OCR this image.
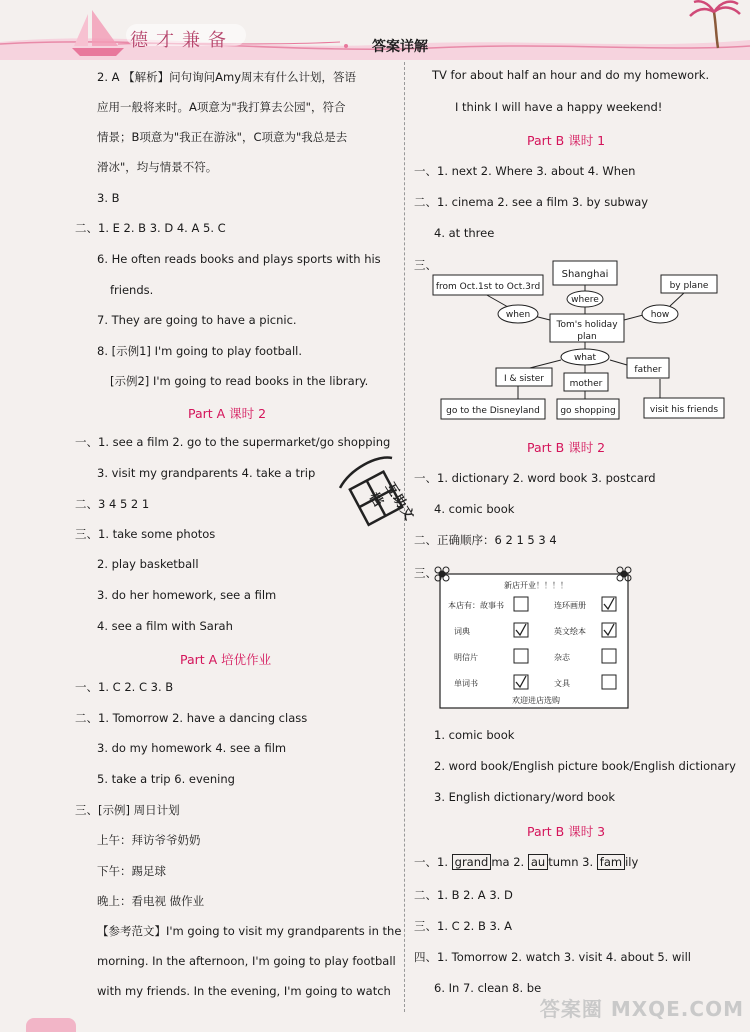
德才兼备	答案详解
2. A 【解析】问句询问Amy周末有什么计划，答语
应用一般将来时。A项意为"我打算去公园"，符合
情景；B项意为"我正在游泳"，C项意为"我总是去
滑冰"，均与情景不符。
3. B
二、1. E 2. B 3. D 4. A 5. C
6. He often reads books and plays sports with his
friends.
7. They are going to have a picnic.
8. [示例1] I'm going to play football.
[示例2] I'm going to read books in the library.
Part A 课时 2
一、1. see a film 2. go to the supermarket/go shopping
3. visit my grandparents 4. take a trip
二、3 4 5 2 1
三、1. take some photos
2. play basketball
3. do her homework, see a film
4. see a film with Sarah
Part A 培优作业
一、1. C 2. C 3. B
二、1. Tomorrow 2. have a dancing class
3. do my homework 4. see a film
5. take a trip 6. evening
三、[示例] 周日计划
上午：拜访爷爷奶奶
下午：踢足球
晚上：看电视 做作业
【参考范文】I'm going to visit my grandparents in the
morning. In the afternoon, I'm going to play football
with my friends. In the evening, I'm going to watch
TV for about half an hour and do my homework.
I think I will have a happy weekend!
Part B 课时 1
一、1. next 2. Where 3. about 4. When
二、1. cinema 2. see a film 3. by subway
4. at three
三、
Shanghai
from Oct.1st to Oct.3rd	by plane
where
when	how
Tom's holiday
plan
what
I & sister	mother
father
go to the Disneyland go shopping	visit his friends
Part B 课时 2
一、1. dictionary 2. word book 3. postcard
4. comic book
二、正确顺序：6 2 1 5 3 4
三、
新店开业！！！！
本店有：故事书	连环画册
词典	英文绘本
明信片	杂志
单词书	文具
欢迎进店选购
1. comic book
2. word book/English picture book/English dictionary
3. English dictionary/word book
Part B 课时 3
一、1. grand ma 2. au tumn 3. fam ily
二、1. B 2. A 3. D
三、1. C 2. B 3. A
四、1. Tomorrow 2. watch 3. visit 4. about 5. will
6. In 7. clean 8. be
互助文档
答案圈 MXQE.COM
